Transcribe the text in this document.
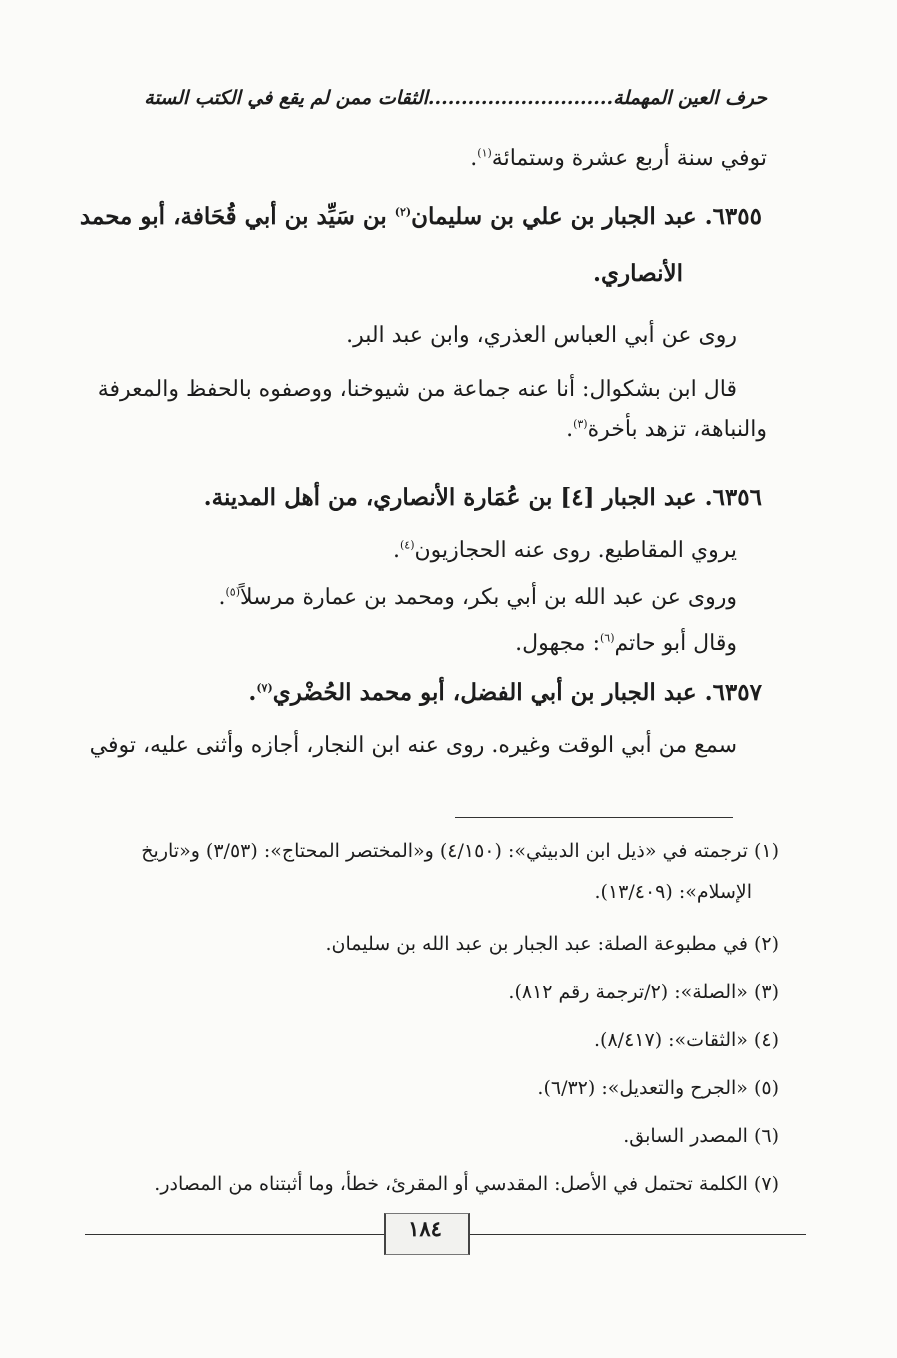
حرف العين المهملة............................الثقات ممن لم يقع في الكتب الستة
توفي سنة أربع عشرة وستمائة$^{(١)}$.
٦٣٥٥. عبد الجبار بن علي بن سليمان$^{(٢)}$ بن سَيِّد بن أبي قُحَافة، أبو محمد
الأنصاري.
روى عن أبي العباس العذري، وابن عبد البر.
قال ابن بشكوال: أنا عنه جماعة من شيوخنا، ووصفوه بالحفظ والمعرفة
والنباهة، تزهد بأخرة$^{(٣)}$.
٦٣٥٦. عبد الجبار [٤] بن عُمَارة الأنصاري، من أهل المدينة.
يروي المقاطيع. روى عنه الحجازيون$^{(٤)}$.
وروى عن عبد الله بن أبي بكر، ومحمد بن عمارة مرسلاً$^{(٥)}$.
وقال أبو حاتم$^{(٦)}$: مجهول.
٦٣٥٧. عبد الجبار بن أبي الفضل، أبو محمد الحُضْري$^{(٧)}$.
سمع من أبي الوقت وغيره. روى عنه ابن النجار، أجازه وأثنى عليه، توفي
(١) ترجمته في «ذيل ابن الدبيثي»: (٤/١٥٠) و«المختصر المحتاج»: (٣/٥٣) و«تاريخ
الإسلام»: (١٣/٤٠٩).
(٢) في مطبوعة الصلة: عبد الجبار بن عبد الله بن سليمان.
(٣) «الصلة»: (٢/ترجمة رقم ٨١٢).
(٤) «الثقات»: (٨/٤١٧).
(٥) «الجرح والتعديل»: (٦/٣٢).
(٦) المصدر السابق.
(٧) الكلمة تحتمل في الأصل: المقدسي أو المقرئ، خطأ، وما أثبتناه من المصادر.
١٨٤
